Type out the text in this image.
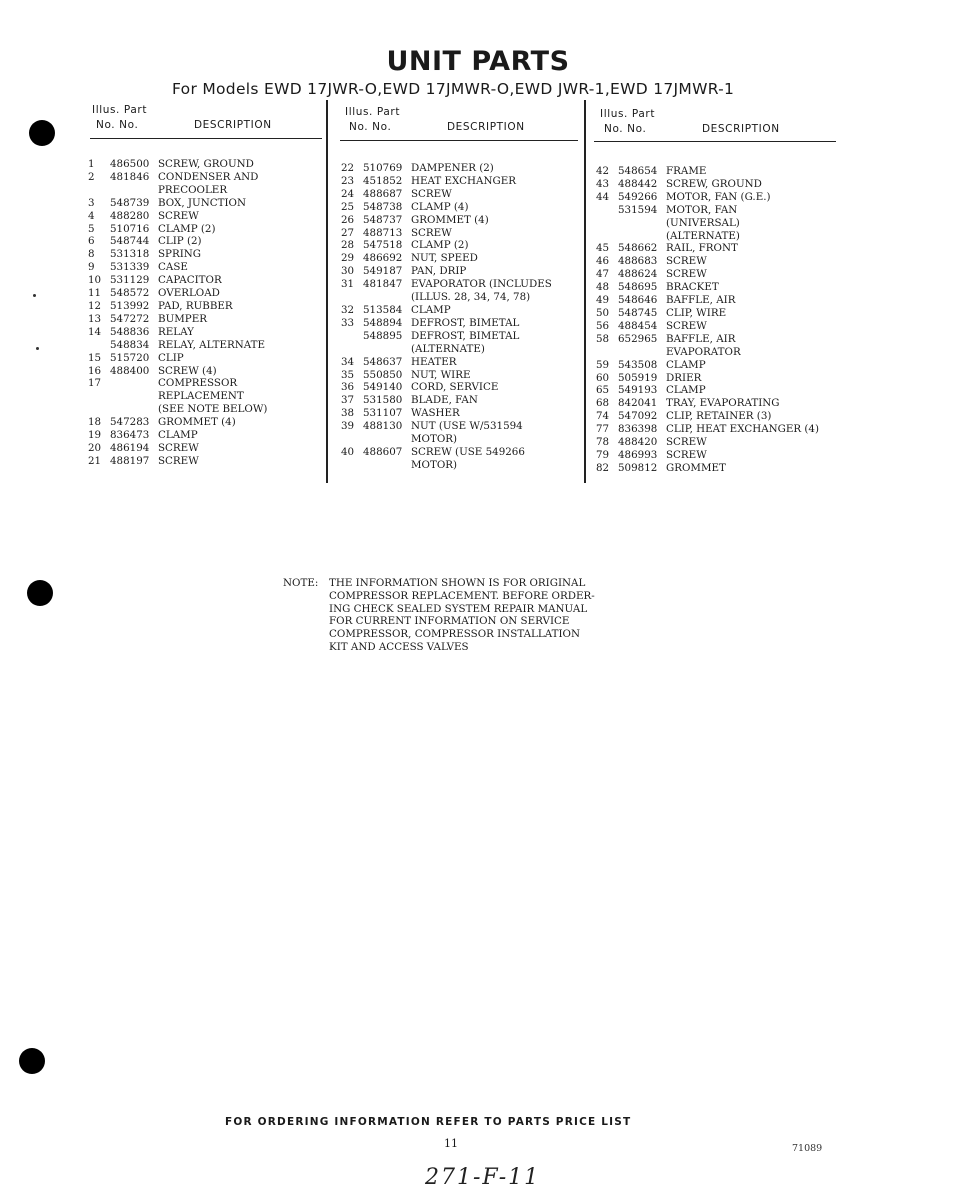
UNIT PARTS
For Models EWD 17JWR-O,EWD 17JMWR-O,EWD JWR-1,EWD 17JMWR-1
Illus. Part
No. No.	DESCRIPTION
1	486500 SCREW, GROUND
2	481846 CONDENSER AND
PRECOOLER
3	548739 BOX, JUNCTION
4	488280 SCREW
5	510716 CLAMP (2)
6	548744 CLIP (2)
8	531318 SPRING
9	531339 CASE
10 531129 CAPACITOR
11 548572 OVERLOAD
12 513992 PAD, RUBBER
13 547272 BUMPER
14 548836 RELAY
548834 RELAY, ALTERNATE
15 515720 CLIP
16 488400 SCREW (4)
17	COMPRESSOR REPLACEMENT
(SEE NOTE BELOW)
18 547283 GROMMET (4)
19 836473 CLAMP
20 486194 SCREW
21 488197 SCREW
Illus. Part
No. No.	DESCRIPTION
22 510769 DAMPENER (2)
23 451852 HEAT EXCHANGER
24 488687 SCREW
25 548738 CLAMP (4)
26 548737 GROMMET (4)
27 488713 SCREW
28 547518 CLAMP (2)
29 486692 NUT, SPEED
30 549187 PAN, DRIP
31 481847 EVAPORATOR (INCLUDES
(ILLUS. 28, 34, 74, 78)
32 513584 CLAMP
33 548894 DEFROST, BIMETAL
548895 DEFROST, BIMETAL
(ALTERNATE)
34 548637 HEATER
35 550850 NUT, WIRE
36 549140 CORD, SERVICE
37 531580 BLADE, FAN
38 531107 WASHER
39 488130 NUT (USE W/531594
MOTOR)
40 488607 SCREW (USE 549266
MOTOR)
Illus. Part
No. No.	DESCRIPTION
42 548654 FRAME
43 488442 SCREW, GROUND
44 549266 MOTOR, FAN (G.E.)
531594 MOTOR, FAN
(UNIVERSAL)
(ALTERNATE)
45 548662 RAIL, FRONT
46 488683 SCREW
47 488624 SCREW
48 548695 BRACKET
49 548646 BAFFLE, AIR
50 548745 CLIP, WIRE
56 488454 SCREW
58 652965 BAFFLE, AIR
EVAPORATOR
59 543508 CLAMP
60 505919 DRIER
65 549193 CLAMP
68 842041 TRAY, EVAPORATING
74 547092 CLIP, RETAINER (3)
77 836398 CLIP, HEAT EXCHANGER (4)
78 488420 SCREW
79 486993 SCREW
82 509812 GROMMET
NOTE:	THE INFORMATION SHOWN IS FOR ORIGINAL
COMPRESSOR REPLACEMENT. BEFORE ORDER-
ING CHECK SEALED SYSTEM REPAIR MANUAL
FOR CURRENT INFORMATION ON SERVICE
COMPRESSOR, COMPRESSOR INSTALLATION
KIT AND ACCESS VALVES
FOR ORDERING INFORMATION REFER TO PARTS PRICE LIST
11	71089
271-F-11
